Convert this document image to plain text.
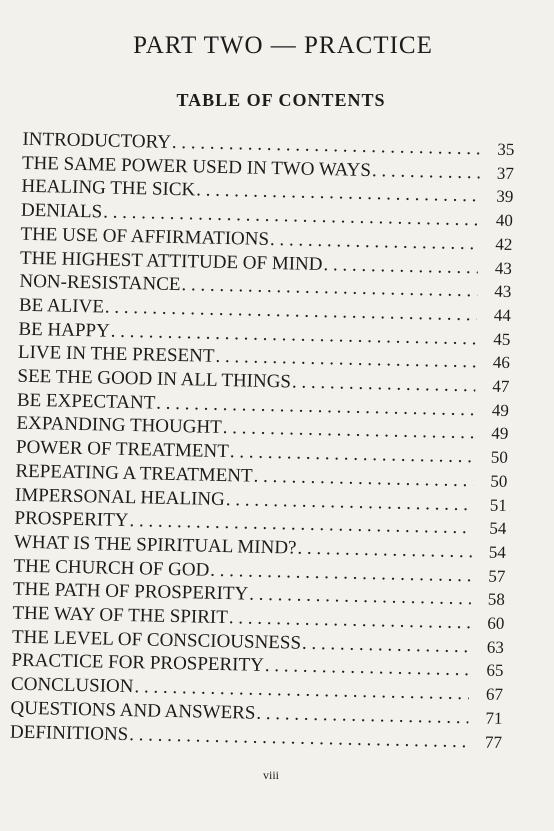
PART TWO — PRACTICE
TABLE OF CONTENTS
INTRODUCTORY . . .	35
THE SAME POWER USED IN TWO WAYS . . .	37
HEALING THE SICK . . .	39
DENIALS . . .	40
THE USE OF AFFIRMATIONS . . .	42
THE HIGHEST ATTITUDE OF MIND . . .	43
NON-RESISTANCE . . .	43
BE ALIVE . . .	44
BE HAPPY . . .	45
LIVE IN THE PRESENT . . .	46
SEE THE GOOD IN ALL THINGS . . .	47
BE EXPECTANT . . .	49
EXPANDING THOUGHT . . .	49
POWER OF TREATMENT . . .	50
REPEATING A TREATMENT . . .	50
IMPERSONAL HEALING . . .	51
PROSPERITY . . .	54
WHAT IS THE SPIRITUAL MIND? . . .	54
THE CHURCH OF GOD . . .	57
THE PATH OF PROSPERITY . . .	58
THE WAY OF THE SPIRIT . . .	60
THE LEVEL OF CONSCIOUSNESS . . .	63
PRACTICE FOR PROSPERITY . . .	65
CONCLUSION . . .	67
QUESTIONS AND ANSWERS . . .	71
DEFINITIONS . . .	77
viii
